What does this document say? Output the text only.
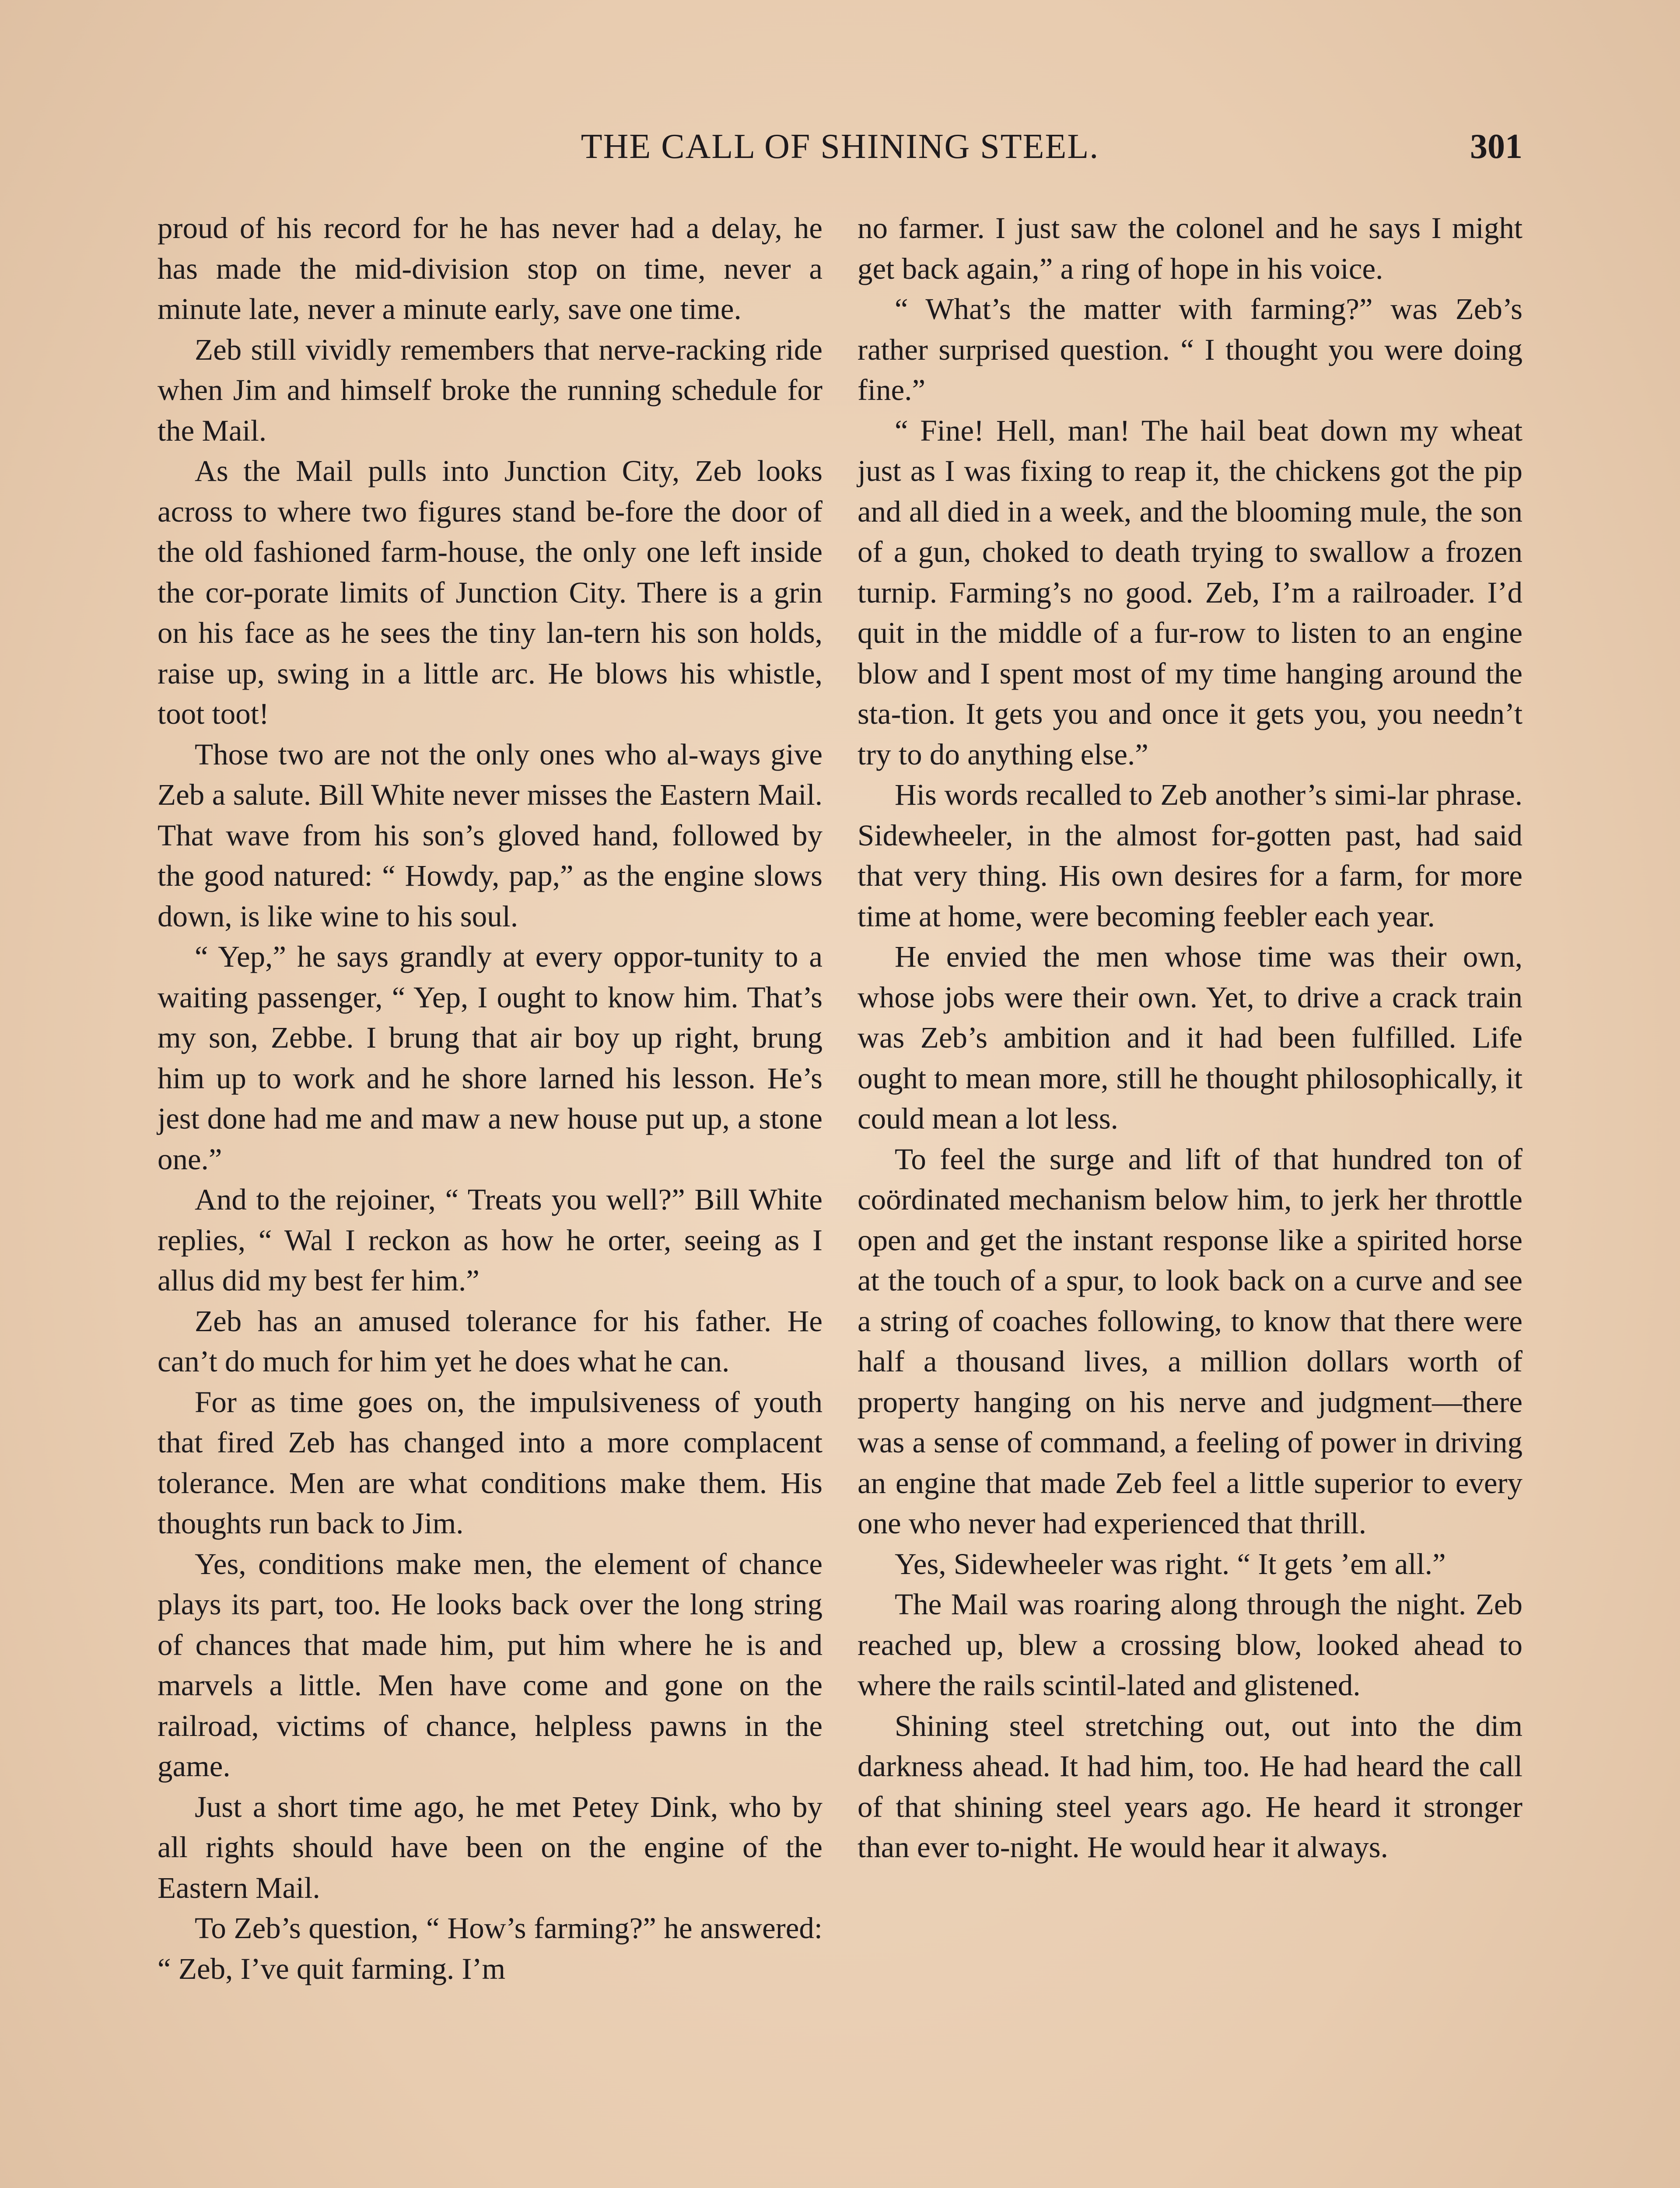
THE CALL OF SHINING STEEL.	301

proud of his record for he has never had a delay, he has made the mid-division stop on time, never a minute late, never a minute early, save one time.

Zeb still vividly remembers that nerve-racking ride when Jim and himself broke the running schedule for the Mail.

As the Mail pulls into Junction City, Zeb looks across to where two figures stand be-fore the door of the old fashioned farm-house, the only one left inside the cor-porate limits of Junction City. There is a grin on his face as he sees the tiny lan-tern his son holds, raise up, swing in a little arc. He blows his whistle, toot toot!

Those two are not the only ones who al-ways give Zeb a salute. Bill White never misses the Eastern Mail. That wave from his son’s gloved hand, followed by the good natured: “ Howdy, pap,” as the engine slows down, is like wine to his soul.

“ Yep,” he says grandly at every oppor-tunity to a waiting passenger, “ Yep, I ought to know him. That’s my son, Zebbe. I brung that air boy up right, brung him up to work and he shore larned his lesson. He’s jest done had me and maw a new house put up, a stone one.”

And to the rejoiner, “ Treats you well?” Bill White replies, “ Wal I reckon as how he orter, seeing as I allus did my best fer him.”

Zeb has an amused tolerance for his father. He can’t do much for him yet he does what he can.

For as time goes on, the impulsiveness of youth that fired Zeb has changed into a more complacent tolerance. Men are what conditions make them. His thoughts run back to Jim.

Yes, conditions make men, the element of chance plays its part, too. He looks back over the long string of chances that made him, put him where he is and marvels a little. Men have come and gone on the railroad, victims of chance, helpless pawns in the game.

Just a short time ago, he met Petey Dink, who by all rights should have been on the engine of the Eastern Mail.

To Zeb’s question, “ How’s farming?” he answered: “ Zeb, I’ve quit farming. I’m

no farmer. I just saw the colonel and he says I might get back again,” a ring of hope in his voice.

“ What’s the matter with farming?” was Zeb’s rather surprised question. “ I thought you were doing fine.”

“ Fine! Hell, man! The hail beat down my wheat just as I was fixing to reap it, the chickens got the pip and all died in a week, and the blooming mule, the son of a gun, choked to death trying to swallow a frozen turnip. Farming’s no good. Zeb, I’m a railroader. I’d quit in the middle of a fur-row to listen to an engine blow and I spent most of my time hanging around the sta-tion. It gets you and once it gets you, you needn’t try to do anything else.”

His words recalled to Zeb another’s simi-lar phrase. Sidewheeler, in the almost for-gotten past, had said that very thing. His own desires for a farm, for more time at home, were becoming feebler each year.

He envied the men whose time was their own, whose jobs were their own. Yet, to drive a crack train was Zeb’s ambition and it had been fulfilled. Life ought to mean more, still he thought philosophically, it could mean a lot less.

To feel the surge and lift of that hundred ton of coördinated mechanism below him, to jerk her throttle open and get the instant response like a spirited horse at the touch of a spur, to look back on a curve and see a string of coaches following, to know that there were half a thousand lives, a million dollars worth of property hanging on his nerve and judgment—there was a sense of command, a feeling of power in driving an engine that made Zeb feel a little superior to every one who never had experienced that thrill.

Yes, Sidewheeler was right. “ It gets ’em all.”

The Mail was roaring along through the night. Zeb reached up, blew a crossing blow, looked ahead to where the rails scintil-lated and glistened.

Shining steel stretching out, out into the dim darkness ahead. It had him, too. He had heard the call of that shining steel years ago. He heard it stronger than ever to-night. He would hear it always.
